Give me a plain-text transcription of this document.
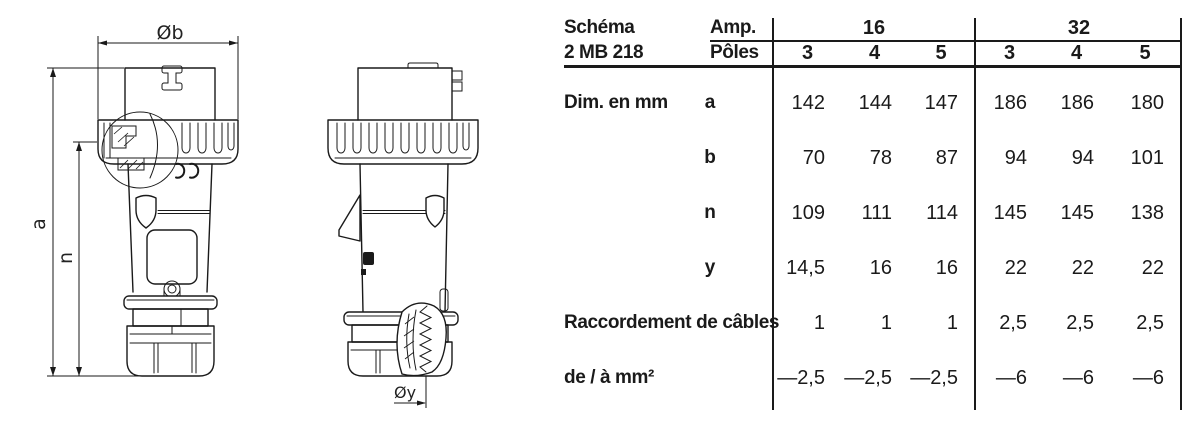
Øb
a
n
Øy
Schéma	Amp.	16	32
2 MB 218	Pôles	3	4	5	3	4	5
Dim. en mm	a	142	144	147	186	186	180
b	70	78	87	94	94	101
n	109	111	114	145	145	138
y	14,5	16	16	22	22	22
Raccordement de câbles	1	1	1	2,5	2,5	2,5
de / à mm²	—2,5 —2,5 —2,5	—6	—6	—6
